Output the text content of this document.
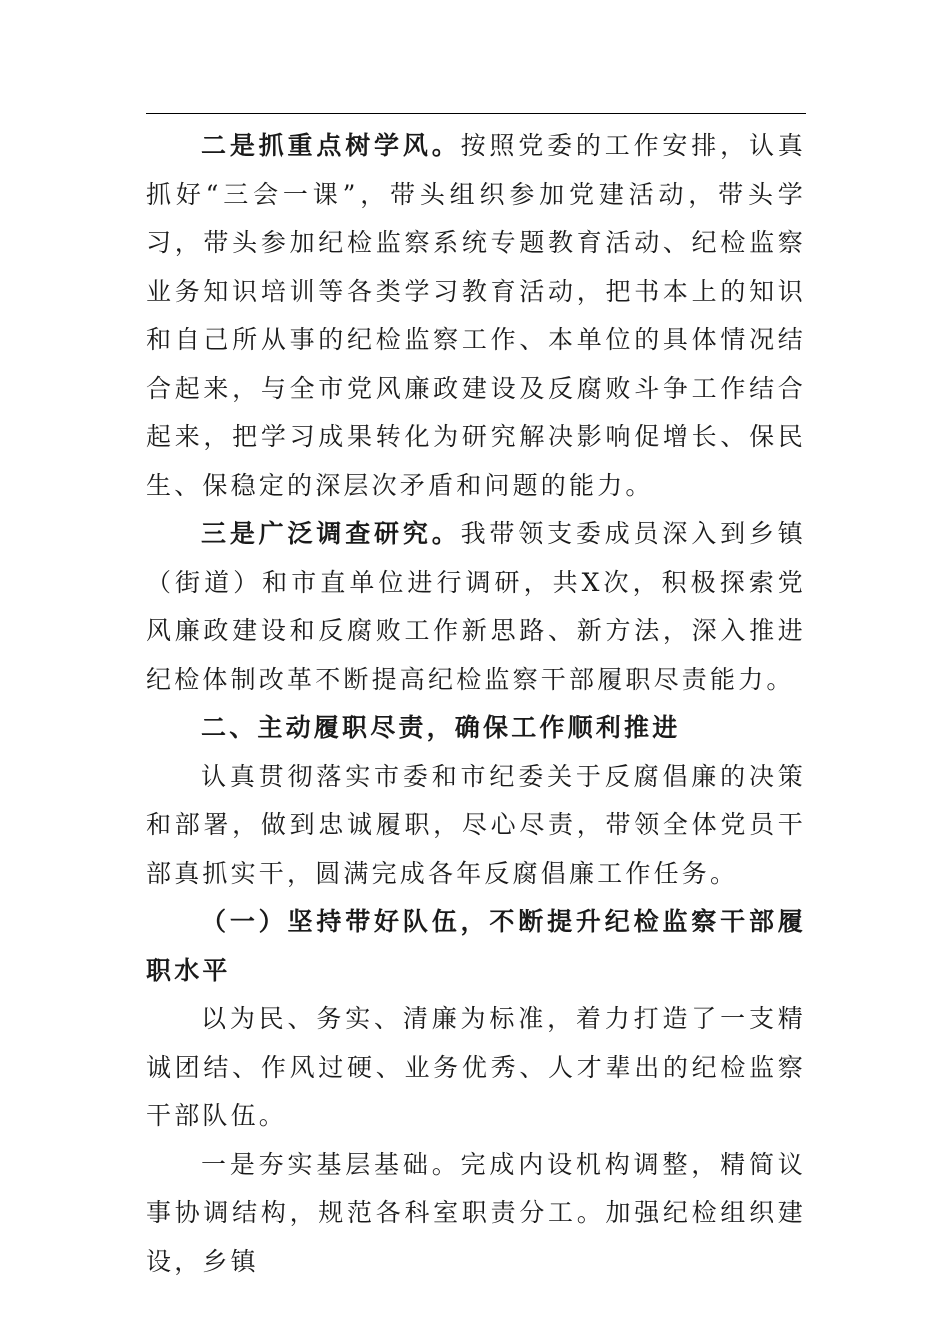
二是抓重点树学风。按照党委的工作安排，认真抓好“三会一课”，带头组织参加党建活动，带头学习，带头参加纪检监察系统专题教育活动、纪检监察业务知识培训等各类学习教育活动，把书本上的知识和自己所从事的纪检监察工作、本单位的具体情况结合起来，与全市党风廉政建设及反腐败斗争工作结合起来，把学习成果转化为研究解决影响促增长、保民生、保稳定的深层次矛盾和问题的能力。

三是广泛调查研究。我带领支委成员深入到乡镇（街道）和市直单位进行调研，共X次，积极探索党风廉政建设和反腐败工作新思路、新方法，深入推进纪检体制改革不断提高纪检监察干部履职尽责能力。

二、主动履职尽责，确保工作顺利推进

认真贯彻落实市委和市纪委关于反腐倡廉的决策和部署，做到忠诚履职，尽心尽责，带领全体党员干部真抓实干，圆满完成各年反腐倡廉工作任务。

（一）坚持带好队伍，不断提升纪检监察干部履职水平

以为民、务实、清廉为标准，着力打造了一支精诚团结、作风过硬、业务优秀、人才辈出的纪检监察干部队伍。

一是夯实基层基础。完成内设机构调整，精简议事协调结构，规范各科室职责分工。加强纪检组织建设，乡镇
